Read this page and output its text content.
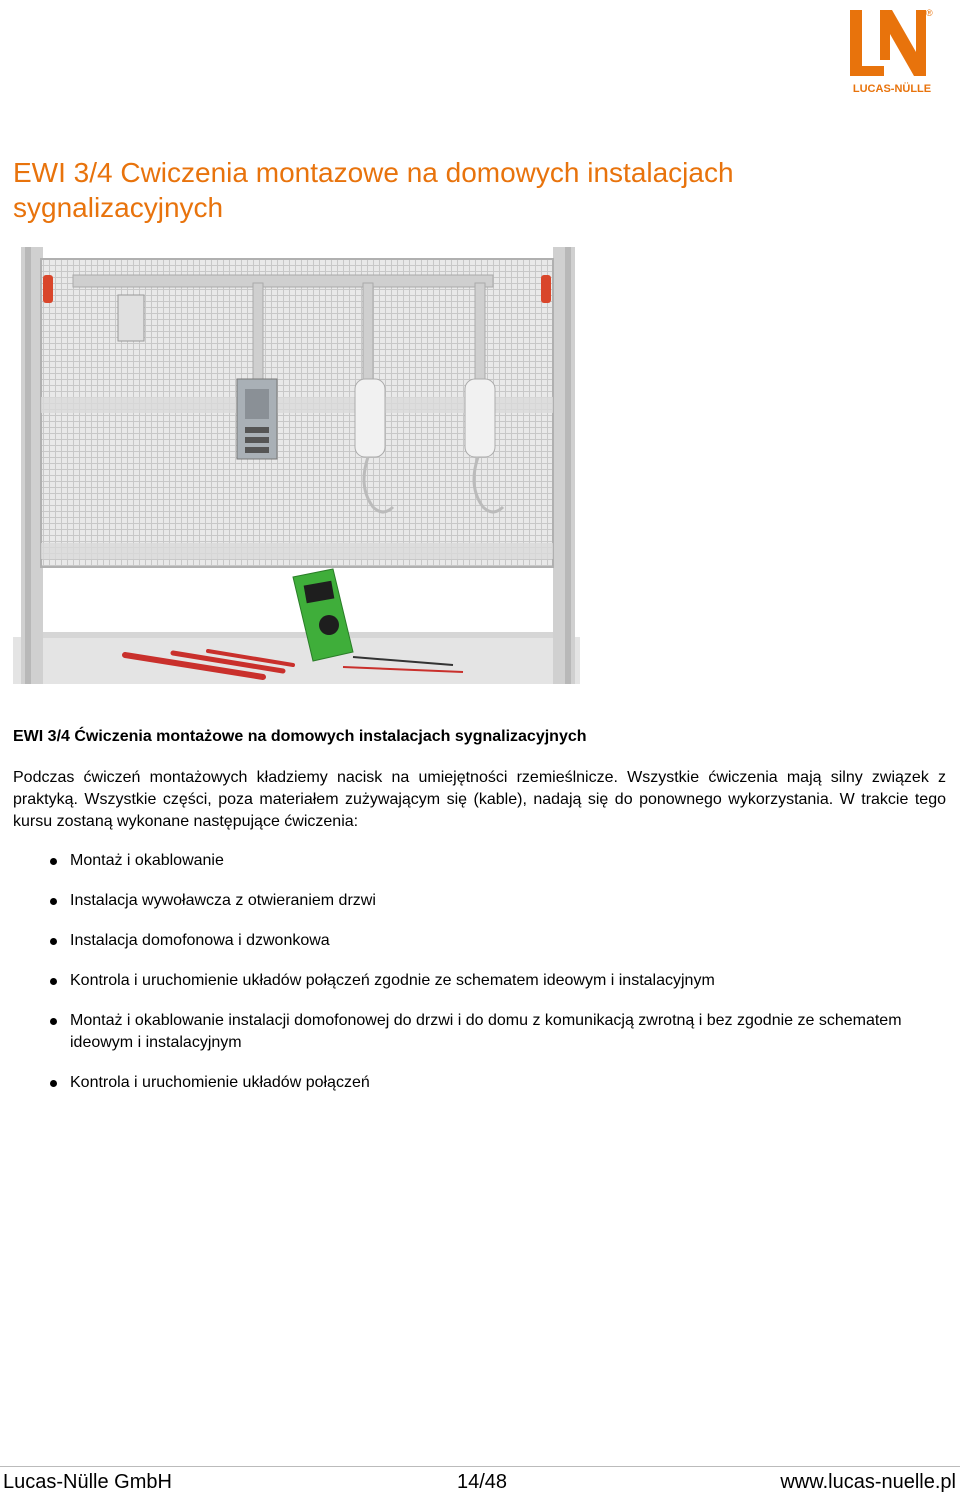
®
LUCAS-NÜLLE
EWI 3/4 Cwiczenia montazowe na domowych instalacjach sygnalizacyjnych
EWI 3/4 Ćwiczenia montażowe na domowych instalacjach sygnalizacyjnych

Podczas ćwiczeń montażowych kładziemy nacisk na umiejętności rzemieślnicze. Wszystkie ćwiczenia mają silny związek z praktyką. Wszystkie części, poza materiałem zużywającym się (kable), nadają się do ponownego wykorzystania. W trakcie tego kursu zostaną wykonane następujące ćwiczenia:

Montaż i okablowanie
Instalacja wywoławcza z otwieraniem drzwi
Instalacja domofonowa i dzwonkowa
Kontrola i uruchomienie układów połączeń zgodnie ze schematem ideowym i instalacyjnym
Montaż i okablowanie instalacji domofonowej do drzwi i do domu z komunikacją zwrotną i bez zgodnie ze schematem ideowym i instalacyjnym
Kontrola i uruchomienie układów połączeń
Lucas-Nülle GmbH	14/48	www.lucas-nuelle.pl
